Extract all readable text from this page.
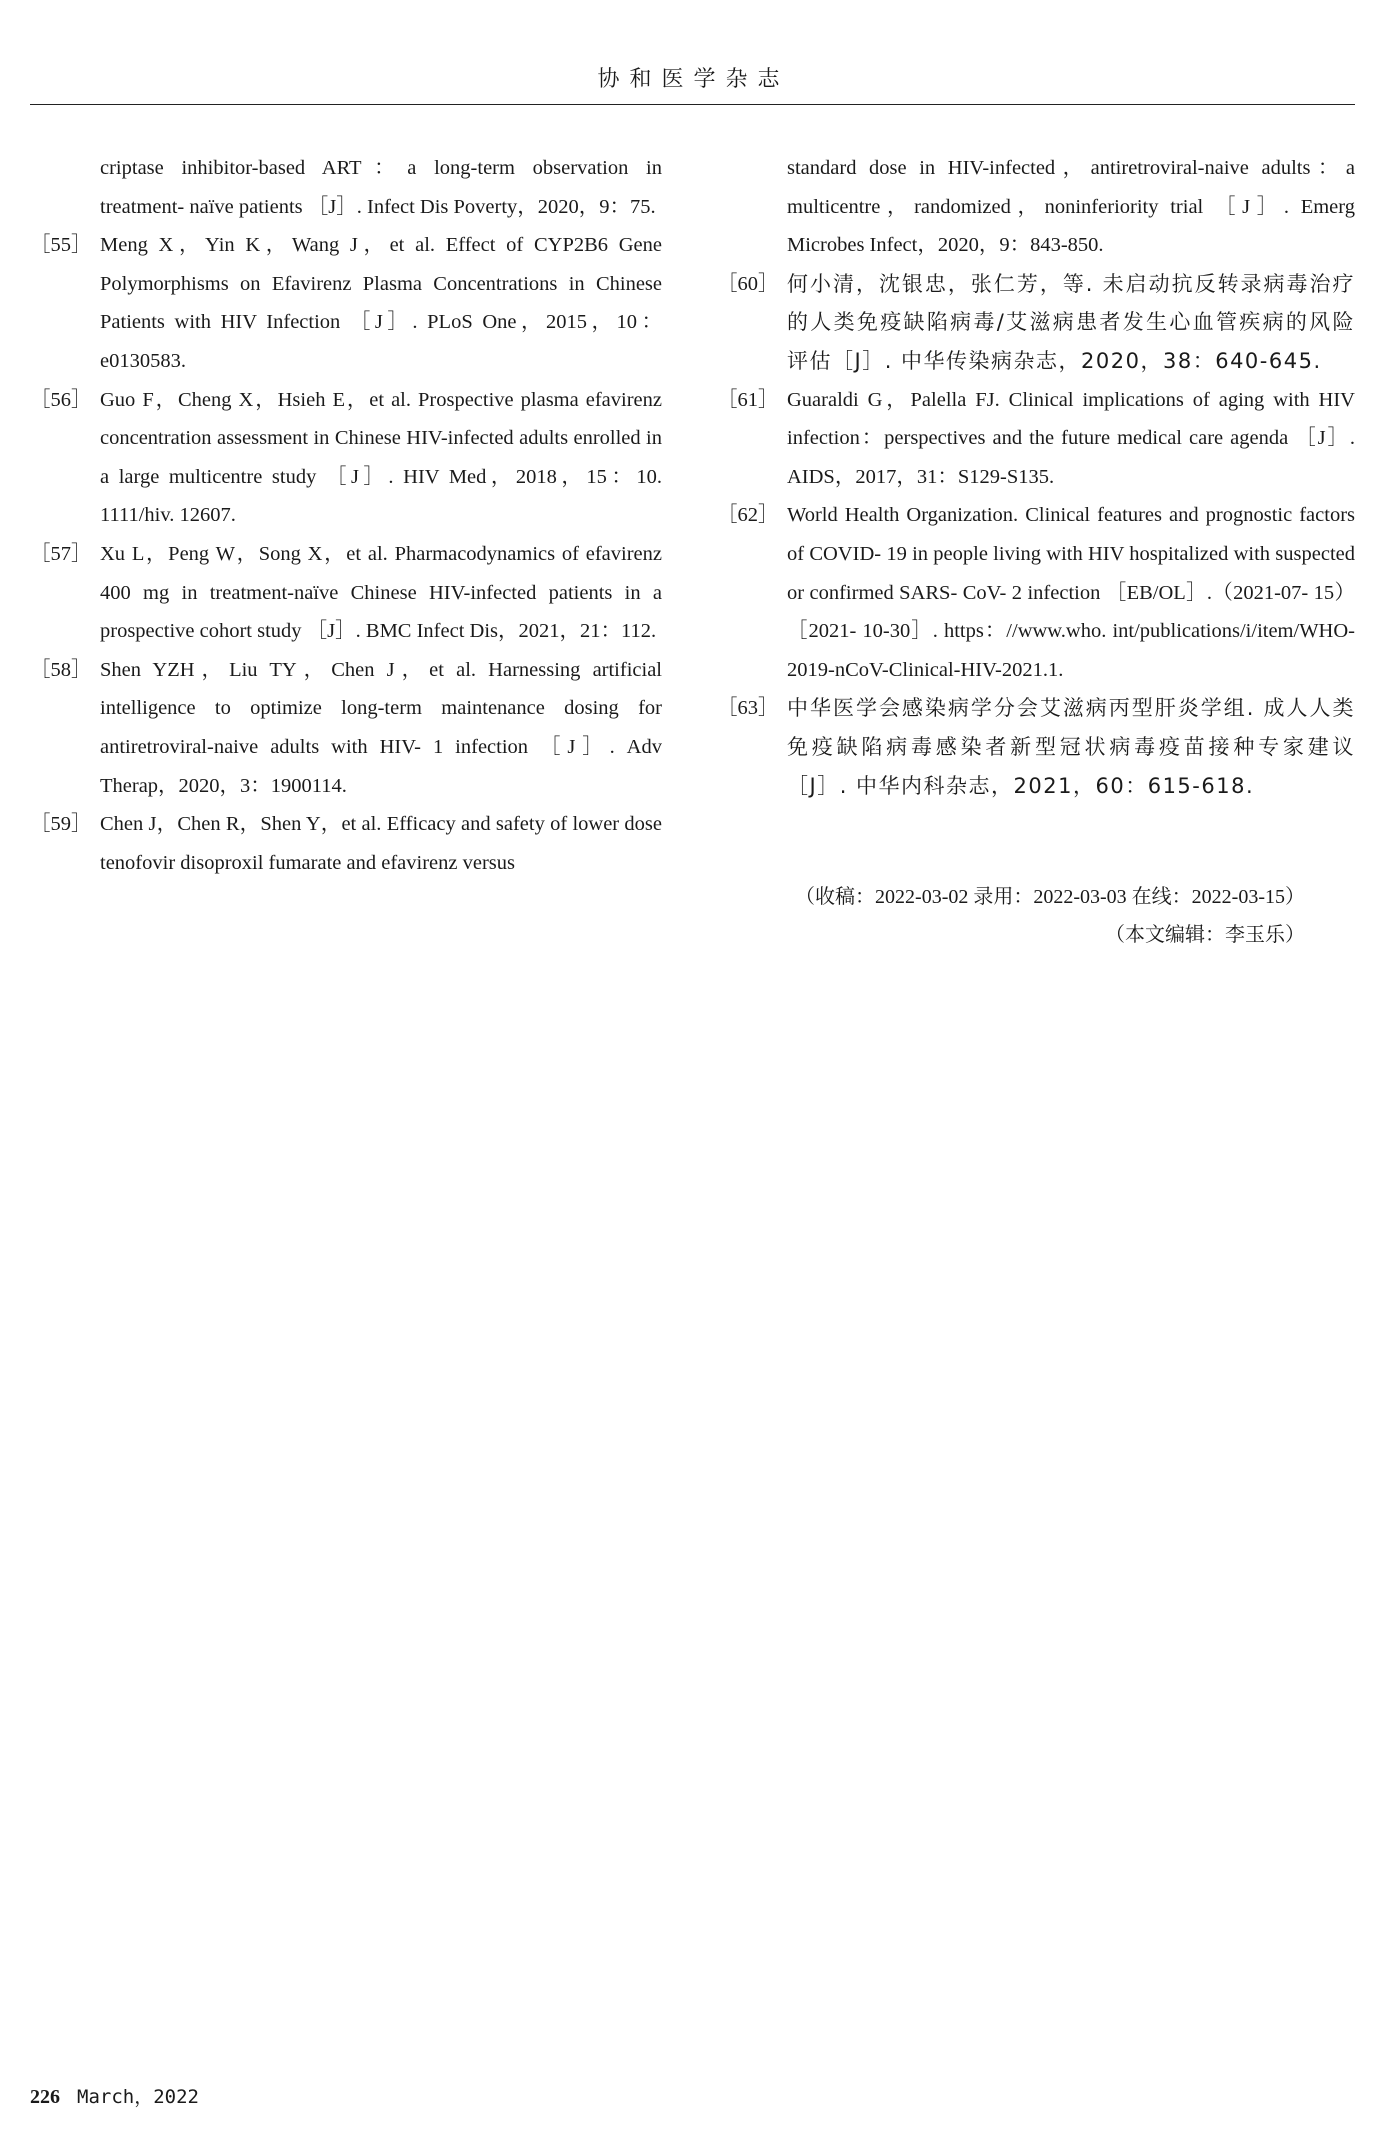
协和医学杂志
criptase inhibitor-based ART：a long-term observation in treatment- naïve patients ［J］. Infect Dis Poverty，2020，9：75.
［55］ Meng X，Yin K，Wang J，et al. Effect of CYP2B6 Gene Polymorphisms on Efavirenz Plasma Concentrations in Chinese Patients with HIV Infection ［J］. PLoS One，2015，10：e0130583.
［56］ Guo F，Cheng X，Hsieh E，et al. Prospective plasma efavirenz concentration assessment in Chinese HIV-infected adults enrolled in a large multicentre study ［J］. HIV Med，2018，15：10. 1111/hiv. 12607.
［57］ Xu L，Peng W，Song X，et al. Pharmacodynamics of efavirenz 400 mg in treatment-naïve Chinese HIV-infected patients in a prospective cohort study ［J］. BMC Infect Dis，2021，21：112.
［58］ Shen YZH，Liu TY，Chen J，et al. Harnessing artificial intelligence to optimize long-term maintenance dosing for antiretroviral-naive adults with HIV- 1 infection ［J］. Adv Therap，2020，3：1900114.
［59］ Chen J，Chen R，Shen Y，et al. Efficacy and safety of lower dose tenofovir disoproxil fumarate and efavirenz versus
standard dose in HIV-infected，antiretroviral-naive adults：a multicentre，randomized，noninferiority trial ［J］. Emerg Microbes Infect，2020，9：843-850.
［60］ 何小清，沈银忠，张仁芳，等. 未启动抗反转录病毒治疗的人类免疫缺陷病毒/艾滋病患者发生心血管疾病的风险评估［J］. 中华传染病杂志，2020，38：640-645.
［61］ Guaraldi G，Palella FJ. Clinical implications of aging with HIV infection：perspectives and the future medical care agenda ［J］. AIDS，2017，31：S129-S135.
［62］ World Health Organization. Clinical features and prognostic factors of COVID- 19 in people living with HIV hospitalized with suspected or confirmed SARS- CoV- 2 infection ［EB/OL］.（2021-07- 15）［2021- 10-30］. https：//www.who. int/publications/i/item/WHO-2019-nCoV-Clinical-HIV-2021.1.
［63］ 中华医学会感染病学分会艾滋病丙型肝炎学组. 成人人类免疫缺陷病毒感染者新型冠状病毒疫苗接种专家建议［J］. 中华内科杂志，2021，60：615-618.
（收稿：2022-03-02 录用：2022-03-03 在线：2022-03-15）
（本文编辑：李玉乐）
226 March，2022
